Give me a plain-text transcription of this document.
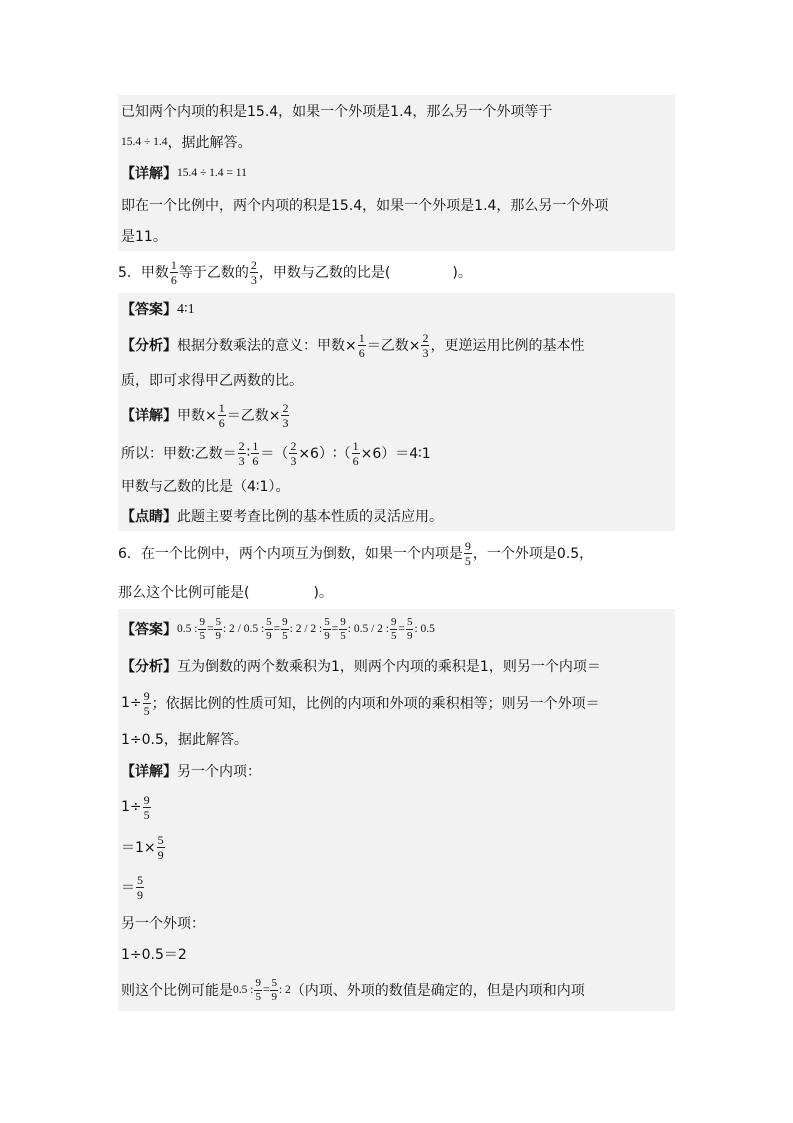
已知两个内项的积是15.4，如果一个外项是1.4，那么另一个外项等于
15.4 ÷ 1.4 ，据此解答。
【详解】 15.4 ÷ 1.4 = 11
即在一个比例中，两个内项的积是15.4，如果一个外项是1.4，那么另一个外项
是11。
5．甲数 $\frac{1}{6}$ 等于乙数的 $\frac{2}{3}$ ，甲数与乙数的比是(	)。
【答案】 4∶1
【分析】 根据分数乘法的意义：甲数× $\frac{1}{6}$ ＝乙数× $\frac{2}{3}$ ，更逆运用比例的基本性
质，即可求得甲乙两数的比。
【详解】 甲数× $\frac{1}{6}$ ＝乙数× $\frac{2}{3}$
所以：甲数∶乙数＝ $\frac{2}{3}$ ∶ $\frac{1}{6}$ ＝（ $\frac{2}{3}$ ×6）∶（ $\frac{1}{6}$ ×6）＝4∶1
甲数与乙数的比是（4∶1）。
【点睛】 此题主要考查比例的基本性质的灵活应用。
6．在一个比例中，两个内项互为倒数，如果一个内项是 $\frac{9}{5}$ ，一个外项是0.5，
那么这个比例可能是(	)。
【答案】 0.5 : $\frac{9}{5} = \frac{5}{9}$ : 2 / 0.5 : $\frac{5}{9} = \frac{9}{5}$ : 2 / 2 : $\frac{5}{9} = \frac{9}{5}$ : 0.5 / 2 : $\frac{9}{5} = \frac{5}{9}$ : 0.5
【分析】 互为倒数的两个数乘积为1，则两个内项的乘积是1，则另一个内项＝
$1\div \frac{9}{5}$ ；依据比例的性质可知，比例的内项和外项的乘积相等；则另一个外项＝
1÷0.5，据此解答。
【详解】 另一个内项：
$1\div \frac{9}{5}$
$=1\times \frac{5}{9}$
＝ $\frac{5}{9}$
另一个外项：
1÷0.5＝2
则这个比例可能是 0.5 : $\frac{9}{5} = \frac{5}{9}$ : 2 （内项、外项的数值是确定的，但是内项和内项
